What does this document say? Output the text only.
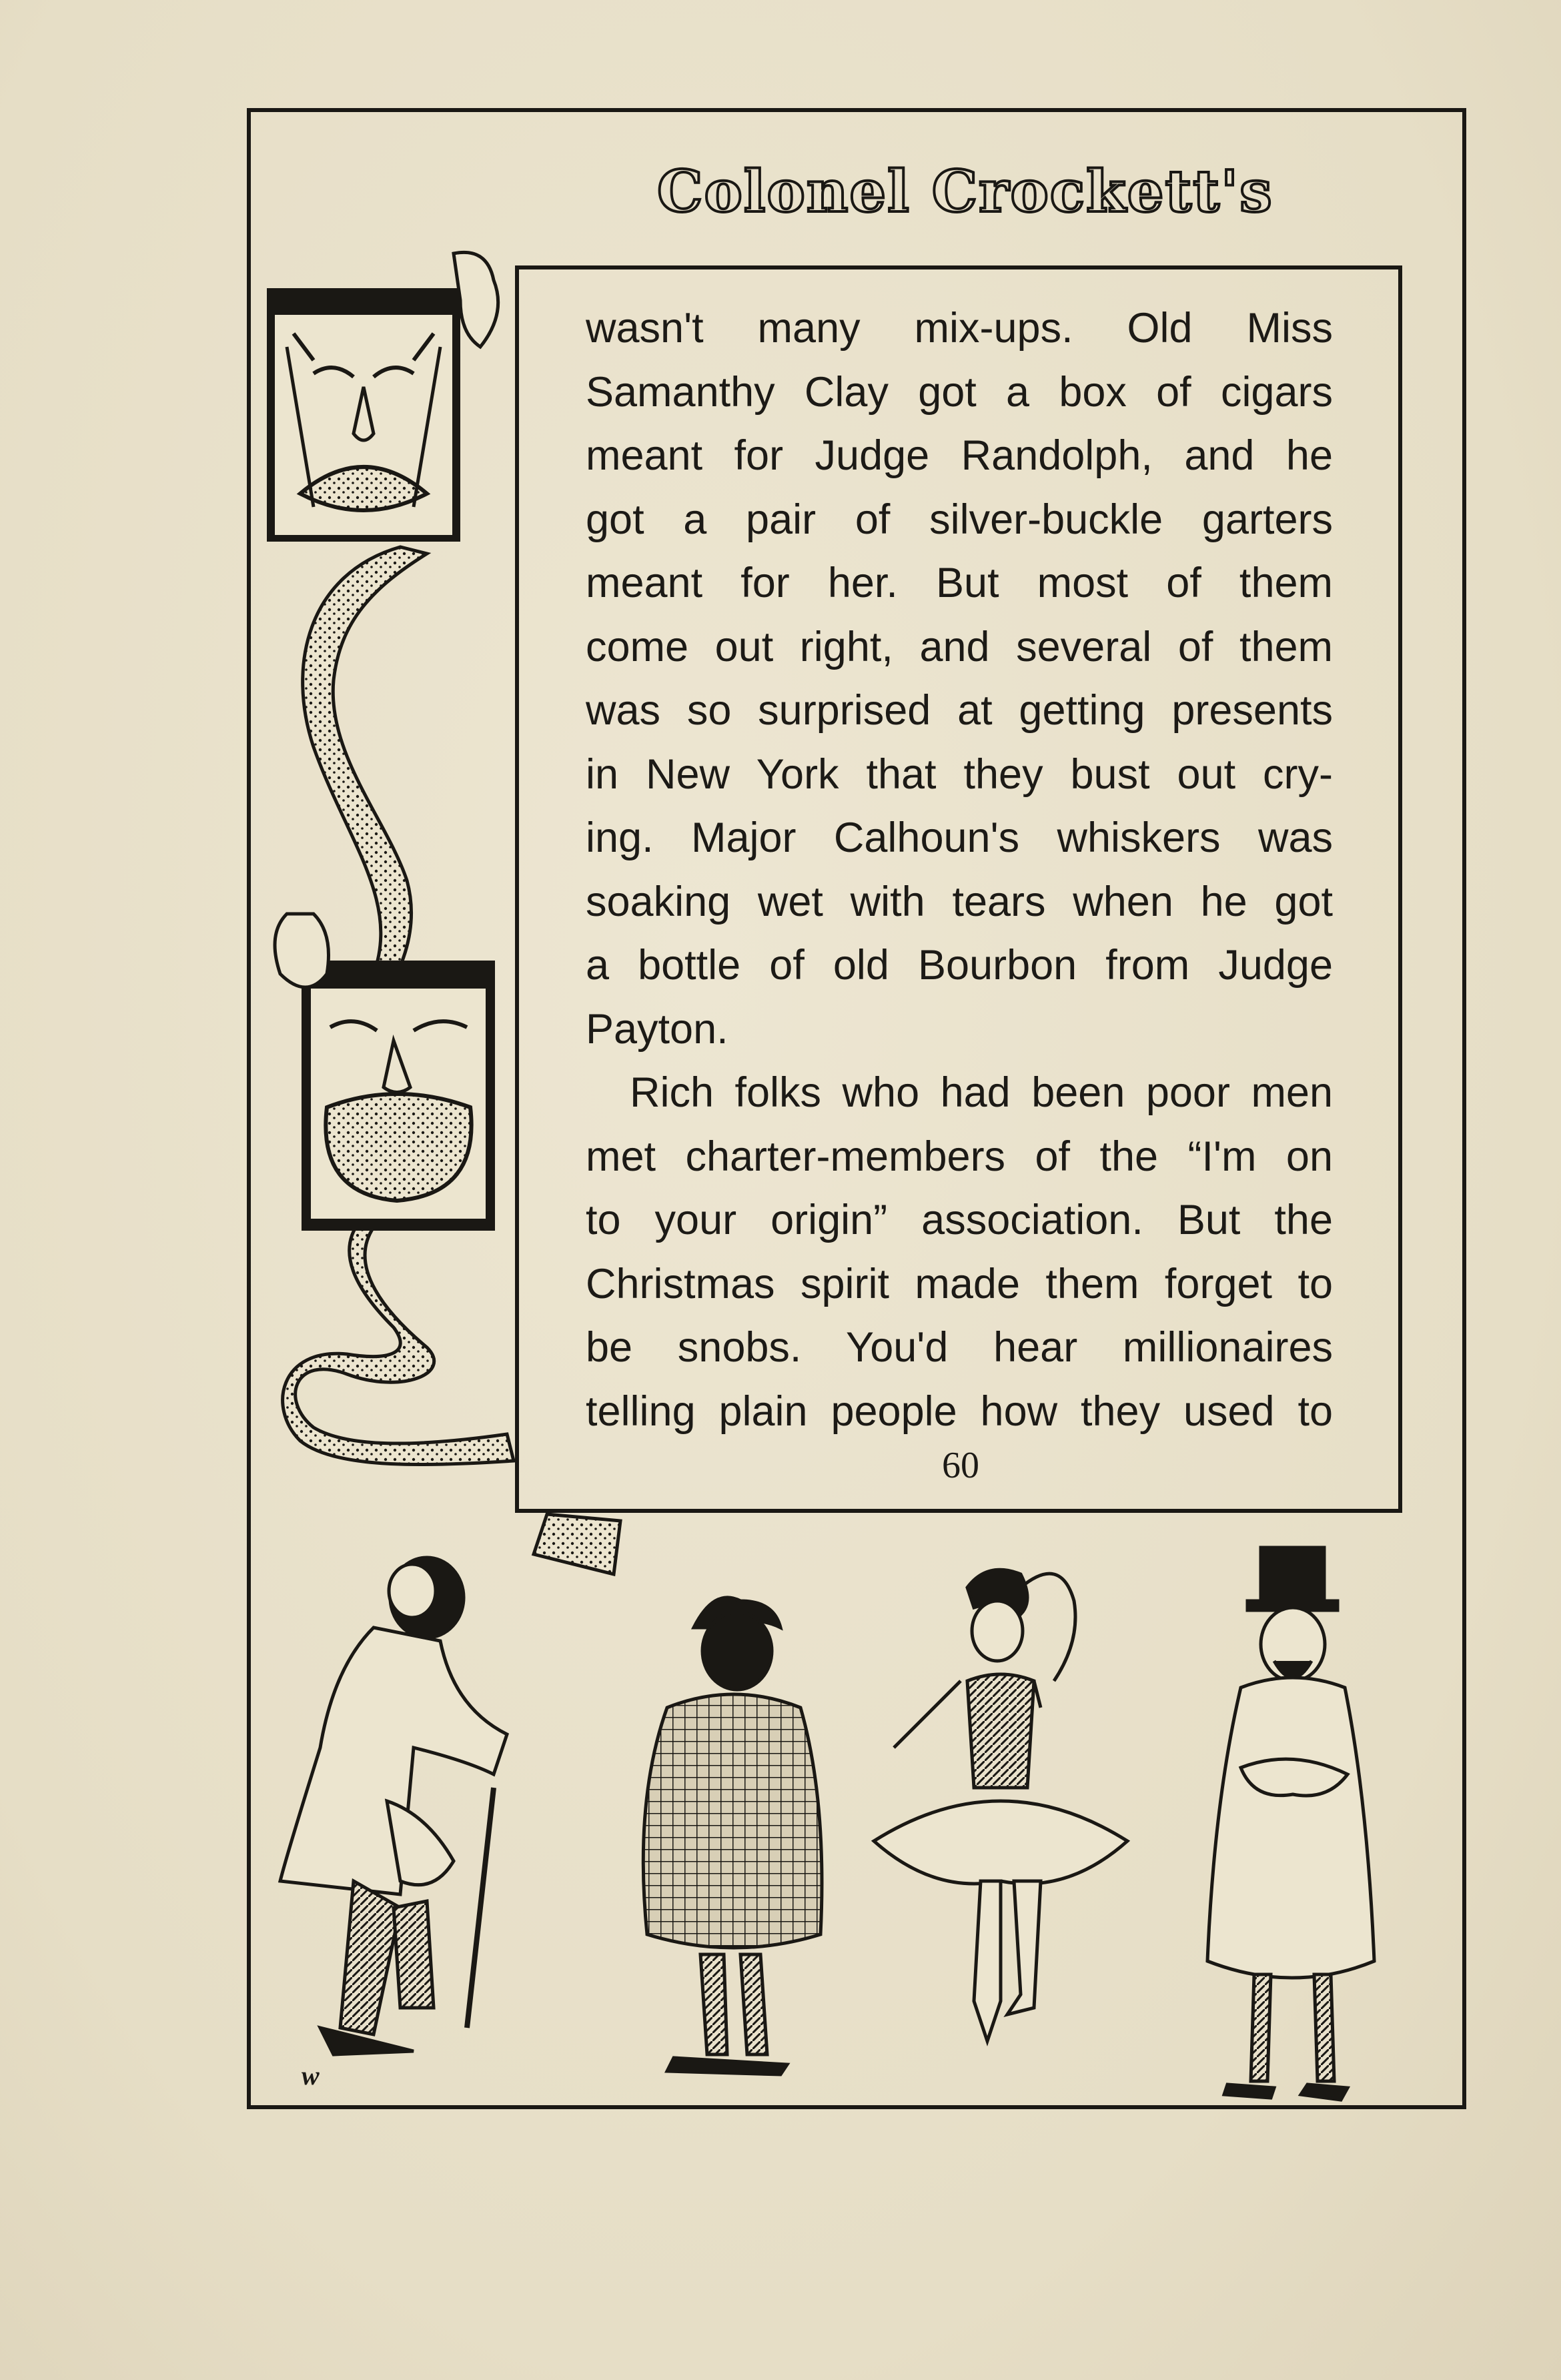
Colonel Crockett's
wasn't many mix-ups. Old Miss
Samanthy Clay got a box of cigars
meant for Judge Randolph, and he
got a pair of silver-buckle garters
meant for her. But most of them
come out right, and several of them
was so surprised at getting presents
in New York that they bust out cry-
ing. Major Calhoun's whiskers was
soaking wet with tears when he got
a bottle of old Bourbon from Judge
Payton.
Rich folks who had been poor men
met charter-members of the “I'm on
to your origin” association. But the
Christmas spirit made them forget to
be snobs. You'd hear millionaires
telling plain people how they used to
60
w
